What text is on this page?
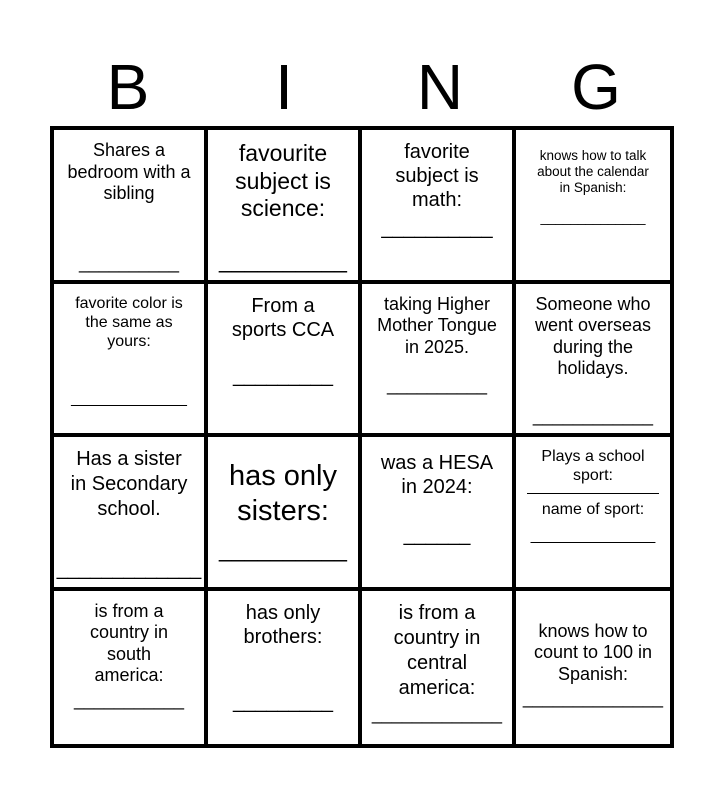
B	I	N	G
Shares a
bedroom with a
sibling
__________
favourite
subject is
science:
__________
favorite
subject is
math:
__________
knows how to talk
about the calendar
in Spanish:
______________
favorite color is
the same as
yours:
_____________
From a
sports CCA
_________
taking Higher
Mother Tongue
in 2025.
__________
Someone who
went overseas
during the
holidays.
____________
Has a sister
in Secondary
school.
_____________
has only
sisters:
__________
was a HESA
in 2024:
______
Plays a school
sport:
name of sport:
______________
is from a
country in
south
america:
___________
has only
brothers:
_________
is from a
country in
central
america:
_____________
knows how to
count to 100 in
Spanish:
______________
